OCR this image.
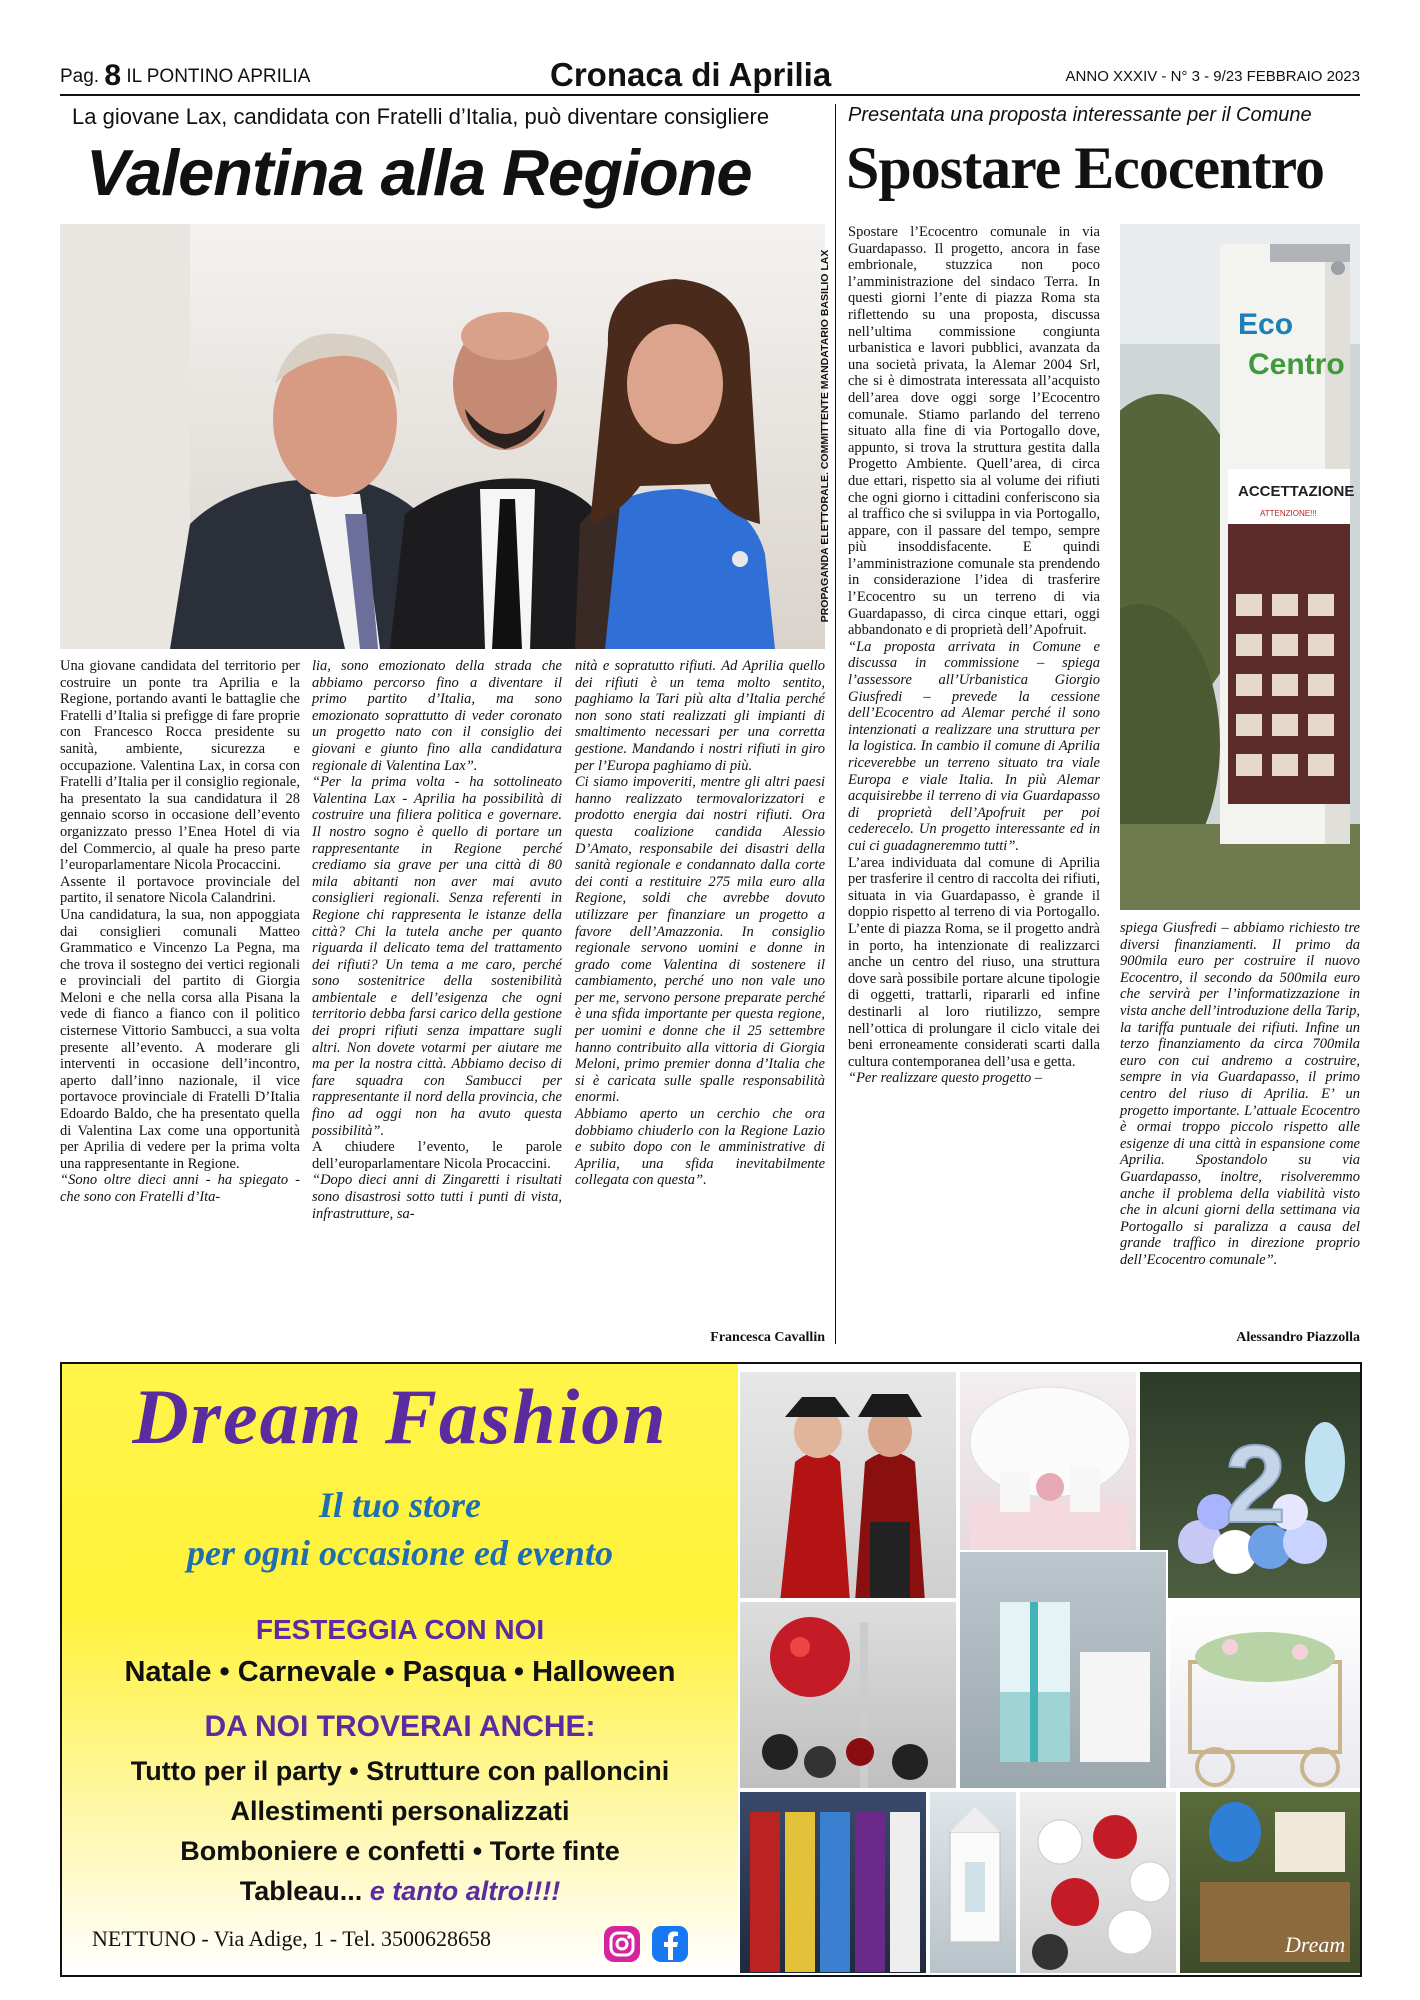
Pag. 8 IL PONTINO APRILIA	Cronaca di Aprilia	ANNO XXXIV - N° 3 - 9/23 FEBBRAIO 2023
La giovane Lax, candidata con Fratelli d’Italia, può diventare consigliere
Valentina alla Regione
PROPAGANDA ELETTORALE. COMMITTENTE MANDATARIO BASILIO LAX

Una giovane candidata del territorio per costruire un ponte tra Aprilia e la Regione, portando avanti le battaglie che Fratelli d’Italia si prefigge di fare proprie con Francesco Rocca presidente su sanità, ambiente, sicurezza e occupazione. Valentina Lax, in corsa con Fratelli d’Italia per il consiglio regionale, ha presentato la sua candidatura il 28 gennaio scorso in occasione dell’evento organizzato presso l’Enea Hotel di via del Commercio, al quale ha preso parte l’europarlamentare Nicola Procaccini.

Assente il portavoce provinciale del partito, il senatore Nicola Calandrini.

Una candidatura, la sua, non appoggiata dai consiglieri comunali Matteo Grammatico e Vincenzo La Pegna, ma che trova il sostegno dei vertici regionali e provinciali del partito di Giorgia Meloni e che nella corsa alla Pisana la vede di fianco a fianco con il politico cisternese Vittorio Sambucci, a sua volta presente all’evento. A moderare gli interventi in occasione dell’incontro, aperto dall’inno nazionale, il vice portavoce provinciale di Fratelli D’Italia Edoardo Baldo, che ha presentato quella di Valentina Lax come una opportunità per Aprilia di vedere per la prima volta una rappresentante in Regione.

“Sono oltre dieci anni - ha spiegato - che sono con Fratelli d’Ita-

lia, sono emozionato della strada che abbiamo percorso fino a diventare il primo partito d’Italia, ma sono emozionato soprattutto di veder coronato un progetto nato con il consiglio dei giovani e giunto fino alla candidatura regionale di Valentina Lax”.

“Per la prima volta - ha sottolineato Valentina Lax - Aprilia ha possibilità di costruire una filiera politica e governare. Il nostro sogno è quello di portare un rappresentante in Regione perché crediamo sia grave per una città di 80 mila abitanti non aver mai avuto consiglieri regionali. Senza referenti in Regione chi rappresenta le istanze della città? Chi la tutela anche per quanto riguarda il delicato tema del trattamento dei rifiuti? Un tema a me caro, perché sono sostenitrice della sostenibilità ambientale e dell’esigenza che ogni territorio debba farsi carico della gestione dei propri rifiuti senza impattare sugli altri. Non dovete votarmi per aiutare me ma per la nostra città. Abbiamo deciso di fare squadra con Sambucci per rappresentante il nord della provincia, che fino ad oggi non ha avuto questa possibilità”.

A chiudere l’evento, le parole dell’europarlamentare Nicola Procaccini.

“Dopo dieci anni di Zingaretti i risultati sono disastrosi sotto tutti i punti di vista, infrastrutture, sa-

nità e sopratutto rifiuti. Ad Aprilia quello dei rifiuti è un tema molto sentito, paghiamo la Tari più alta d’Italia perché non sono stati realizzati gli impianti di smaltimento necessari per una corretta gestione. Mandando i nostri rifiuti in giro per l’Europa paghiamo di più.

Ci siamo impoveriti, mentre gli altri paesi hanno realizzato termovalorizzatori e prodotto energia dai nostri rifiuti. Ora questa coalizione candida Alessio D’Amato, responsabile dei disastri della sanità regionale e condannato dalla corte dei conti a restituire 275 mila euro alla Regione, soldi che avrebbe dovuto utilizzare per finanziare un progetto a favore dell’Amazzonia. In consiglio regionale servono uomini e donne in grado come Valentina di sostenere il cambiamento, perché uno non vale uno per me, servono persone preparate perché è una sfida importante per questa regione, per uomini e donne che il 25 settembre hanno contribuito alla vittoria di Giorgia Meloni, primo premier donna d’Italia che si è caricata sulle spalle responsabilità enormi.

Abbiamo aperto un cerchio che ora dobbiamo chiuderlo con la Regione Lazio e subito dopo con le amministrative di Aprilia, una sfida inevitabilmente collegata con questa”.

Francesca Cavallin
Presentata una proposta interessante per il Comune
Spostare Ecocentro

Spostare l’Ecocentro comunale in via Guardapasso. Il progetto, ancora in fase embrionale, stuzzica non poco l’amministrazione del sindaco Terra. In questi giorni l’ente di piazza Roma sta riflettendo su una proposta, discussa nell’ultima commissione congiunta urbanistica e lavori pubblici, avanzata da una società privata, la Alemar 2004 Srl, che si è dimostrata interessata all’acquisto dell’area dove oggi sorge l’Ecocentro comunale. Stiamo parlando del terreno situato alla fine di via Portogallo dove, appunto, si trova la struttura gestita dalla Progetto Ambiente. Quell’area, di circa due ettari, rispetto sia al volume dei rifiuti che ogni giorno i cittadini conferiscono sia al traffico che si sviluppa in via Portogallo, appare, con il passare del tempo, sempre più insoddisfacente. E quindi l’amministrazione comunale sta prendendo in considerazione l’idea di trasferire l’Ecocentro su un terreno di via Guardapasso, di circa cinque ettari, oggi abbandonato e di proprietà dell’Apofruit.

“La proposta arrivata in Comune e discussa in commissione – spiega l’assessore all’Urbanistica Giorgio Giusfredi – prevede la cessione dell’Ecocentro ad Alemar perché il sono intenzionati a realizzare una struttura per la logistica. In cambio il comune di Aprilia riceverebbe un terreno situato tra viale Europa e viale Italia. In più Alemar acquisirebbe il terreno di via Guardapasso di proprietà dell’Apofruit per poi cederecelo. Un progetto interessante ed in cui ci guadagneremmo tutti”.

L’area individuata dal comune di Aprilia per trasferire il centro di raccolta dei rifiuti, situata in via Guardapasso, è grande il doppio rispetto al terreno di via Portogallo. L’ente di piazza Roma, se il progetto andrà in porto, ha intenzionate di realizzarci anche un centro del riuso, una struttura dove sarà possibile portare alcune tipologie di oggetti, trattarli, ripararli ed infine destinarli al loro riutilizzo, sempre nell’ottica di prolungare il ciclo vitale dei beni erroneamente considerati scarti dalla cultura contemporanea dell’usa e getta.

“Per realizzare questo progetto –

Eco
Centro
ACCETTAZIONE
ATTENZIONE!!!

spiega Giusfredi – abbiamo richiesto tre diversi finanziamenti. Il primo da 900mila euro per costruire il nuovo Ecocentro, il secondo da 500mila euro che servirà per l’informatizzazione in vista anche dell’introduzione della Tarip, la tariffa puntuale dei rifiuti. Infine un terzo finanziamento da circa 700mila euro con cui andremo a costruire, sempre in via Guardapasso, il primo centro del riuso di Aprilia. E’ un progetto importante. L’attuale Ecocentro è ormai troppo piccolo rispetto alle esigenze di una città in espansione come Aprilia. Spostandolo su via Guardapasso, inoltre, risolveremmo anche il problema della viabilità visto che in alcuni giorni della settimana via Portogallo si paralizza a causa del grande traffico in direzione proprio dell’Ecocentro comunale”.

Alessandro Piazzolla
Dream Fashion
Il tuo store
per ogni occasione ed evento
FESTEGGIA CON NOI
Natale • Carnevale • Pasqua • Halloween
DA NOI TROVERAI ANCHE:
Tutto per il party • Strutture con palloncini
Allestimenti personalizzati
Bomboniere e confetti • Torte finte
Tableau... e tanto altro!!!!
NETTUNO - Via Adige, 1 - Tel. 3500628658
2
Dream
